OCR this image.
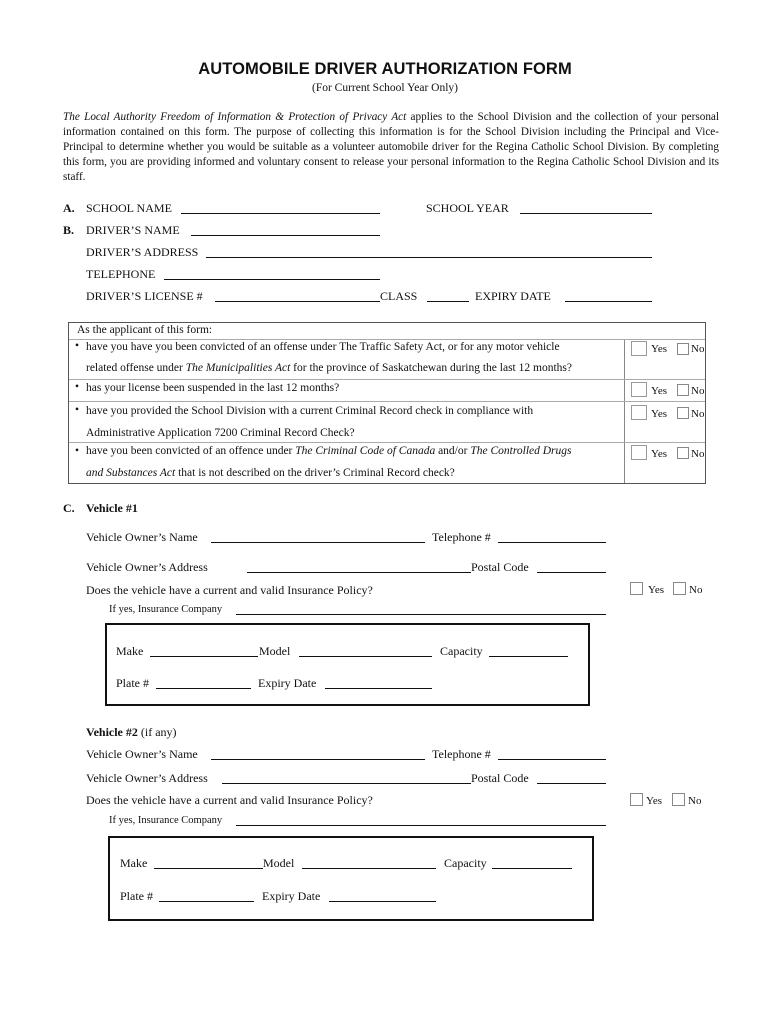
AUTOMOBILE DRIVER AUTHORIZATION FORM
(For Current School Year Only)
The Local Authority Freedom of Information & Protection of Privacy Act applies to the School Division and the collection of your personal information contained on this form. The purpose of collecting this information is for the School Division including the Principal and Vice-Principal to determine whether you would be suitable as a volunteer automobile driver for the Regina Catholic School Division. By completing this form, you are providing informed and voluntary consent to release your personal information to the Regina Catholic School Division and its staff.
A. SCHOOL NAME	SCHOOL YEAR
B. DRIVER’S NAME
DRIVER’S ADDRESS
TELEPHONE
DRIVER’S LICENSE #	CLASS	EXPIRY DATE
As the applicant of this form:
• have you have you been convicted of an offense under The Traffic Safety Act, or for any motor vehicle
related offense under The Municipalities Act for the province of Saskatchewan during the last 12 months?
Yes No
• has your license been suspended in the last 12 months?	Yes No
• have you provided the School Division with a current Criminal Record check in compliance with
Administrative Application 7200 Criminal Record Check?
Yes No
• have you been convicted of an offence under The Criminal Code of Canada and/or The Controlled Drugs
and Substances Act that is not described on the driver’s Criminal Record check?
Yes No
C. Vehicle #1
Vehicle Owner’s Name	Telephone #
Vehicle Owner’s Address	Postal Code
Does the vehicle have a current and valid Insurance Policy?	Yes No
If yes, Insurance Company
Make	Model	Capacity
Plate #	Expiry Date
Vehicle #2 (if any)
Vehicle Owner’s Name	Telephone #
Vehicle Owner’s Address	Postal Code
Does the vehicle have a current and valid Insurance Policy?	Yes No
If yes, Insurance Company
Make	Model	Capacity
Plate #	Expiry Date
